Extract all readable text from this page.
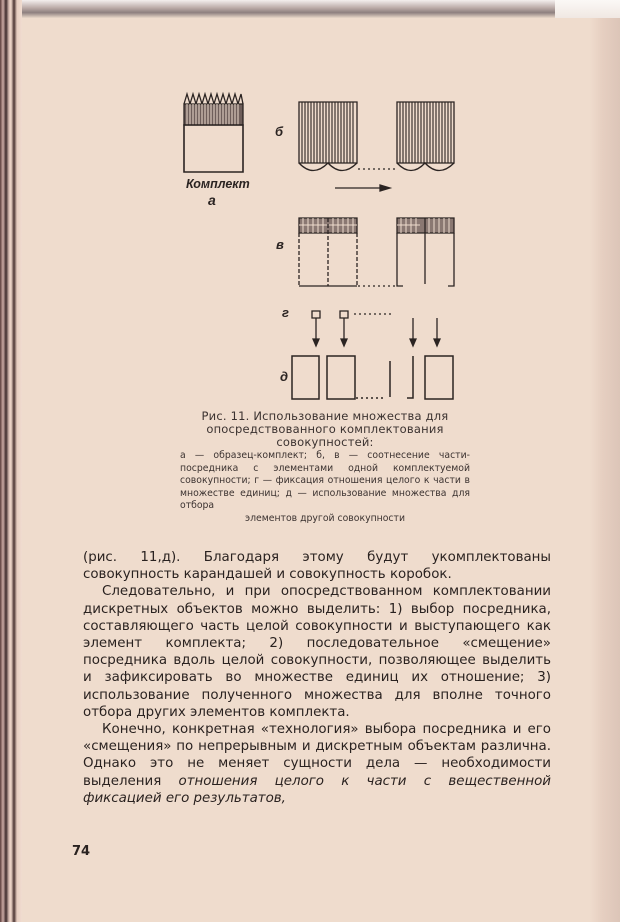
Комплект
а
б
в
г
д
Рис. 11. Использование множества для
опосредствованного комплектования
совокупностей:
а — образец-комплект; б, в — соотнесение части-посредника с элементами одной комплектуемой совокупности; г — фиксация отношения целого к части в множестве единиц; д — использование множества для отбора
элементов другой совокупности

(рис. 11,д). Благодаря этому будут укомплектованы совокупность карандашей и совокупность коробок.

Следовательно, и при опосредствованном комплектовании дискретных объектов можно выделить: 1) выбор посредника, составляющего часть целой совокупности и выступающего как элемент комплекта; 2) последовательное «смещение» посредника вдоль целой совокупности, позволяющее выделить и зафиксировать во множестве единиц их отношение; 3) использование полученного множества для вполне точного отбора других элементов комплекта.

Конечно, конкретная «технология» выбора посредника и его «смещения» по непрерывным и дискретным объектам различна. Однако это не меняет сущности дела — необходимости выделения отношения целого к части с вещественной фиксацией его результатов,

74
